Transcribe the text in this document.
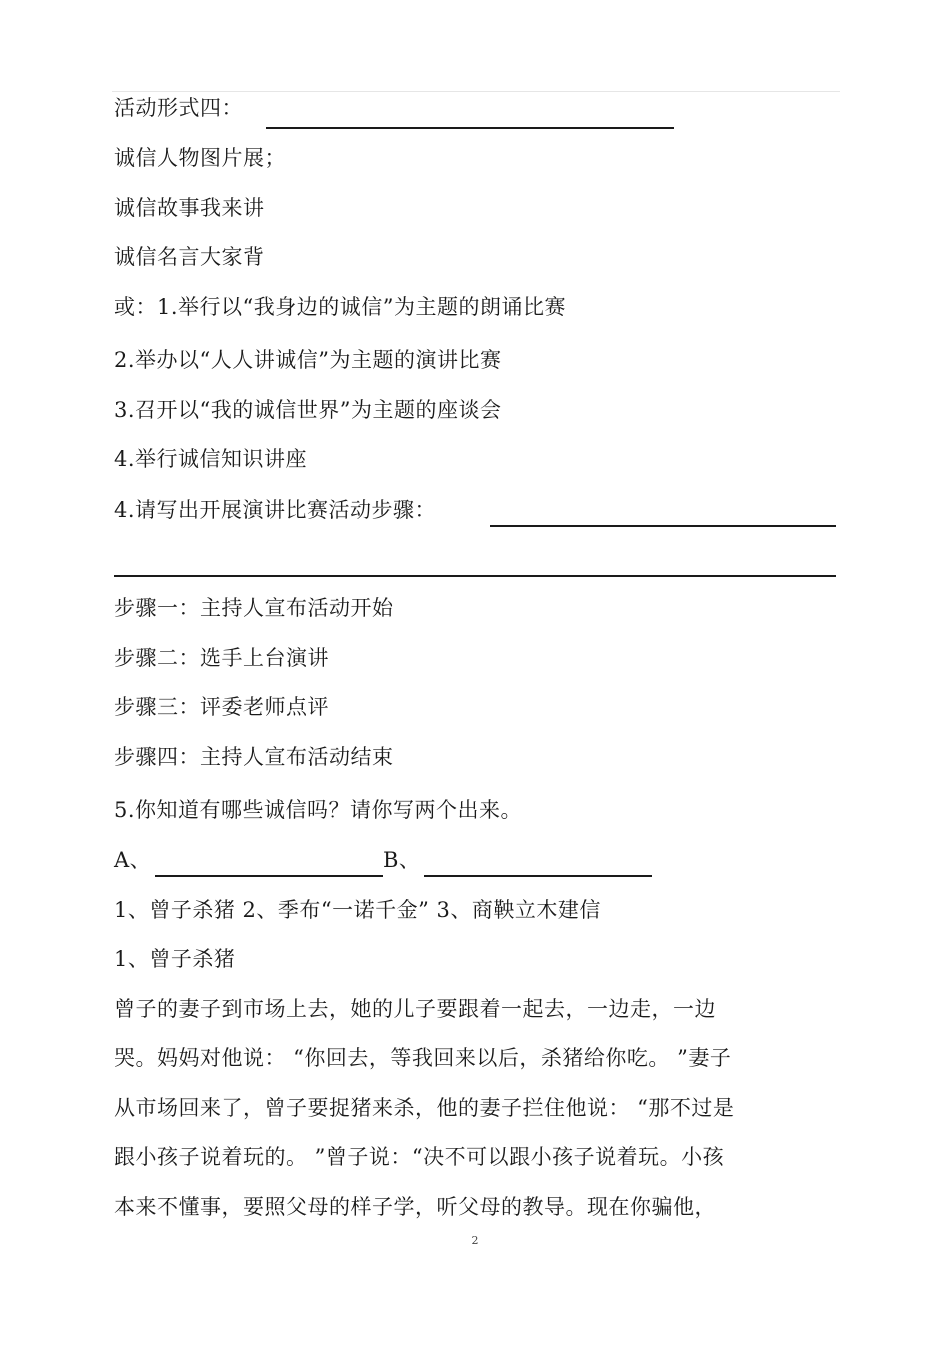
活动形式四：
诚信人物图片展；
诚信故事我来讲
诚信名言大家背
或：1.举行以“我身边的诚信”为主题的朗诵比赛
2.举办以“人人讲诚信”为主题的演讲比赛
3.召开以“我的诚信世界”为主题的座谈会
4.举行诚信知识讲座
4.请写出开展演讲比赛活动步骤：
步骤一：主持人宣布活动开始
步骤二：选手上台演讲
步骤三：评委老师点评
步骤四：主持人宣布活动结束
5.你知道有哪些诚信吗？请你写两个出来。
A、	B、
1、曾子杀猪 2、季布“一诺千金” 3、商鞅立木建信
1、曾子杀猪
曾子的妻子到市场上去，她的儿子要跟着一起去，一边走，一边
哭。妈妈对他说： “你回去，等我回来以后，杀猪给你吃。 ”妻子
从市场回来了，曾子要捉猪来杀，他的妻子拦住他说： “那不过是
跟小孩子说着玩的。 ”曾子说：“决不可以跟小孩子说着玩。小孩
本来不懂事，要照父母的样子学，听父母的教导。现在你骗他，
2
